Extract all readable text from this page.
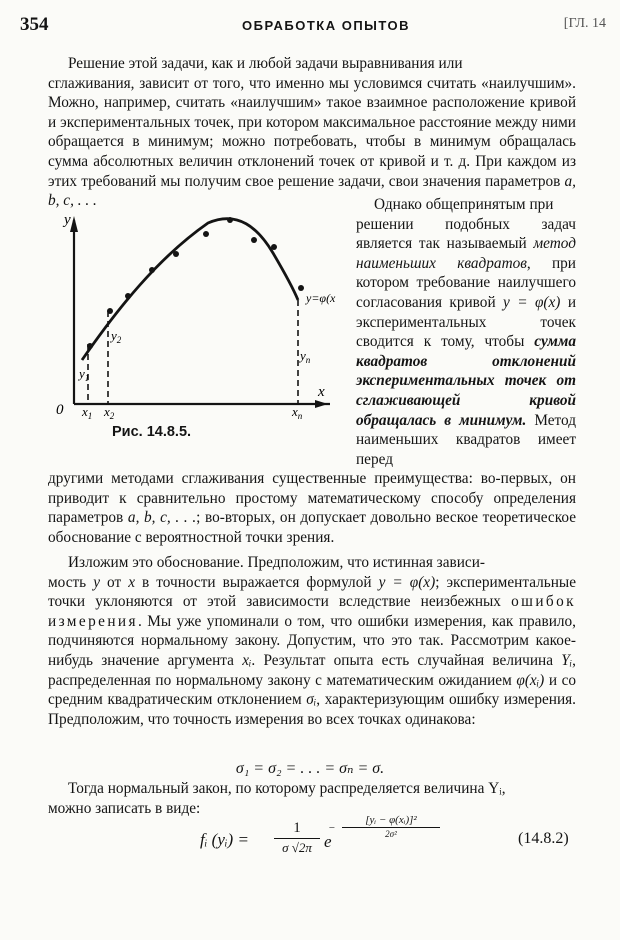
354	ОБРАБОТКА ОПЫТОВ	[ГЛ. 14

Решение этой задачи, как и любой задачи выравнивания или
сглаживания, зависит от того, что именно мы условимся считать «наилучшим». Можно, например, считать «наилучшим» такое взаимное расположение кривой и экспериментальных точек, при котором максимальное расстояние между ними обращается в минимум; можно потребовать, чтобы в минимум обращалась сумма абсолютных величин отклонений точек от кривой и т. д. При каждом из этих требований мы получим свое решение задачи, свои значения параметров a, b, c, . . .

y
x
0
y=φ(x
$x_1$ $x_2$	$x_n$
$y_1$
$y_2$
$y_n$
Рис. 14.8.5.

Однако общепринятым при
решении подобных задач является так называемый метод наименьших квадратов, при котором требование наилучшего согласования кривой y = φ(x) и экспериментальных точек сводится к тому, чтобы сумма квадратов отклонений экспериментальных точек от сглаживающей кривой обращалась в минимум. Метод наименьших квадратов имеет перед

другими методами сглаживания существенные преимущества: во-первых, он приводит к сравнительно простому математическому способу определения параметров a, b, c, . . .; во-вторых, он допускает довольно веское теоретическое обоснование с вероятностной точки зрения.

Изложим это обоснование. Предположим, что истинная зависи-
мость y от x в точности выражается формулой y = φ(x); экспериментальные точки уклоняются от этой зависимости вследствие неизбежных ошибок измерения. Мы уже упоминали о том, что ошибки измерения, как правило, подчиняются нормальному закону. Допустим, что это так. Рассмотрим какое-нибудь значение аргумента xᵢ. Результат опыта есть случайная величина Yᵢ, распределенная по нормальному закону с математическим ожиданием φ(xᵢ) и со средним квадратическим отклонением σᵢ, характеризующим ошибку измерения. Предположим, что точность измерения во всех точках одинакова:

σ₁ = σ₂ = . . . = σₙ = σ.

Тогда нормальный закон, по которому распределяется величина Yᵢ,
можно записать в виде:

fᵢ (yᵢ) =
1
σ √2π e
−
[yᵢ − φ(xᵢ)]²
2σ²	(14.8.2)
